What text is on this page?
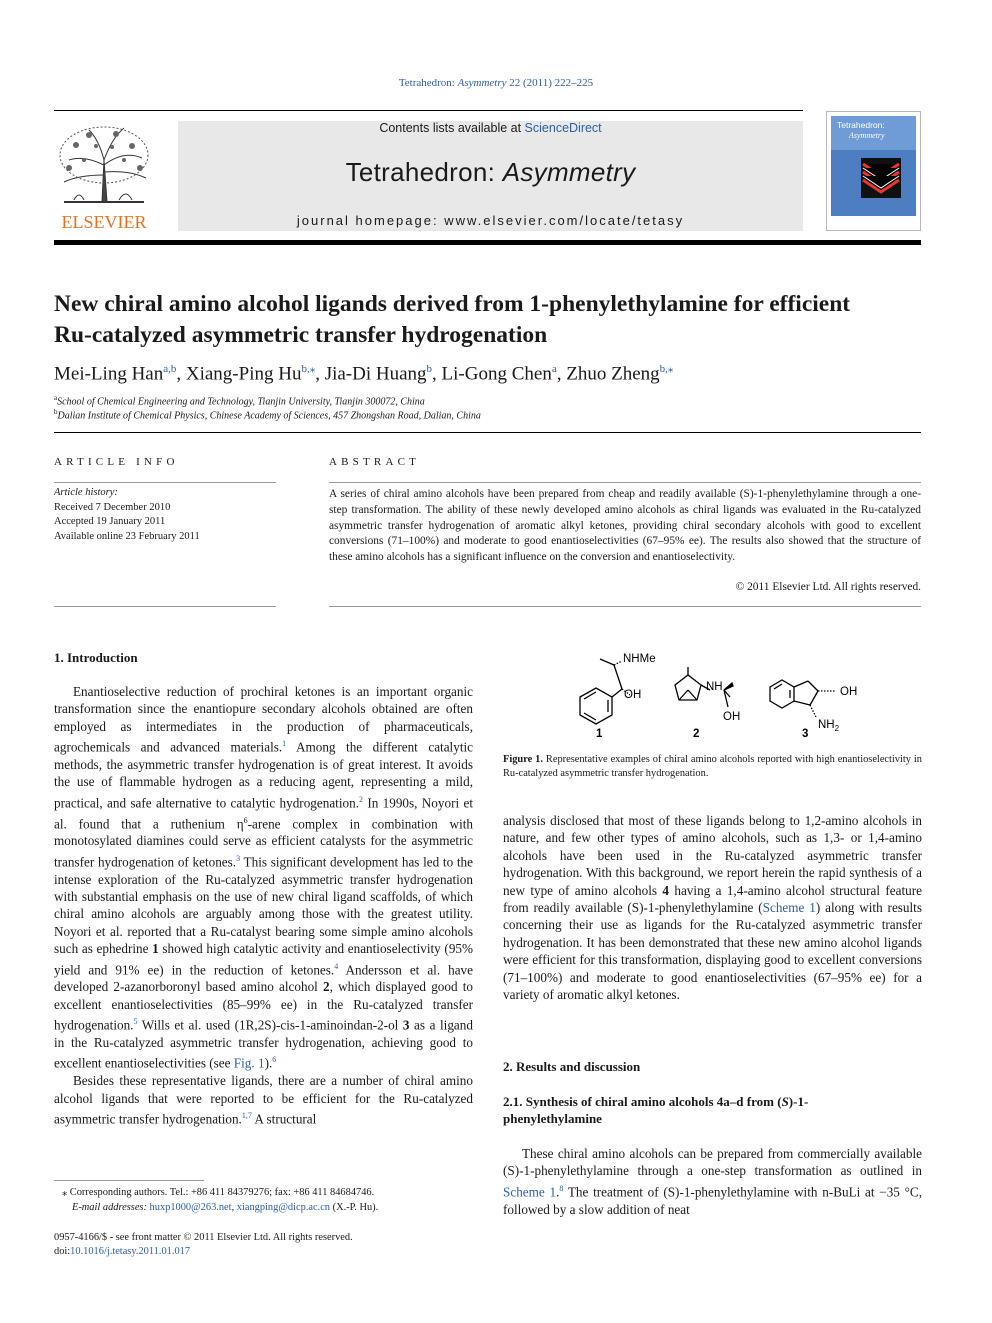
Tetrahedron: Asymmetry 22 (2011) 222–225
ELSEVIER
Contents lists available at ScienceDirect
Tetrahedron: Asymmetry
journal homepage: www.elsevier.com/locate/tetasy
Tetrahedron:
Asymmetry
New chiral amino alcohol ligands derived from 1-phenylethylamine for efficient
Ru-catalyzed asymmetric transfer hydrogenation
Mei-Ling Han$^{a,b}$, Xiang-Ping $Hu^{b,⁎}$, Jia-Di Huang$^b$, Li-Gong Chen$^a$, Zhuo Zheng$^{b,⁎}$
$^a$School of Chemical Engineering and Technology, Tianjin University, Tianjin 300072, China
$^b$Dalian Institute of Chemical Physics, Chinese Academy of Sciences, 457 Zhongshan Road, Dalian, China
ARTICLE INFO
Article history:
Received 7 December 2010
Accepted 19 January 2011
Available online 23 February 2011
ABSTRACT
A series of chiral amino alcohols have been prepared from cheap and readily available (S)-1-phenylethylamine through a one-step transformation. The ability of these newly developed amino alcohols as chiral ligands was evaluated in the Ru-catalyzed asymmetric transfer hydrogenation of aromatic alkyl ketones, providing chiral secondary alcohols with good to excellent conversions (71–100%) and moderate to good enantioselectivities (67–95% ee). The results also showed that the structure of these amino alcohols has a significant influence on the conversion and enantioselectivity.
© 2011 Elsevier Ltd. All rights reserved.
1. Introduction

Enantioselective reduction of prochiral ketones is an important organic transformation since the enantiopure secondary alcohols obtained are often employed as intermediates in the production of pharmaceuticals, agrochemicals and advanced materials.$^1$ Among the different catalytic methods, the asymmetric transfer hydrogenation is of great interest. It avoids the use of flammable hydrogen as a reducing agent, representing a mild, practical, and safe alternative to catalytic hydrogenation.$^2$ In 1990s, Noyori et al. found that a ruthenium $\eta^6$-arene complex in combination with monotosylated diamines could serve as efficient catalysts for the asymmetric transfer hydrogenation of ketones.$^3$ This significant development has led to the intense exploration of the Ru-catalyzed asymmetric transfer hydrogenation with substantial emphasis on the use of new chiral ligand scaffolds, of which chiral amino alcohols are arguably among those with the greatest utility. Noyori et al. reported that a Ru-catalyst bearing some simple amino alcohols such as ephedrine 1 showed high catalytic activity and enantioselectivity (95% yield and 91% ee) in the reduction of ketones.$^4$ Andersson et al. have developed 2-azanorboronyl based amino alcohol 2, which displayed good to excellent enantioselectivities (85–99% ee) in the Ru-catalyzed transfer hydrogenation.$^5$ Wills et al. used (1R,2S)-cis-1-aminoindan-2-ol 3 as a ligand in the Ru-catalyzed asymmetric transfer hydrogenation, achieving good to excellent enantioselectivities (see Fig. 1).$^6$

Besides these representative ligands, there are a number of chiral amino alcohol ligands that were reported to be efficient for the Ru-catalyzed asymmetric transfer hydrogenation.$^{1,7}$ A structural

NHMe
OH
1
NH
OH
2
OH
$NH_2$
3
Figure 1. Representative examples of chiral amino alcohols reported with high enantioselectivity in Ru-catalyzed asymmetric transfer hydrogenation.

analysis disclosed that most of these ligands belong to 1,2-amino alcohols in nature, and few other types of amino alcohols, such as 1,3- or 1,4-amino alcohols have been used in the Ru-catalyzed asymmetric transfer hydrogenation. With this background, we report herein the rapid synthesis of a new type of amino alcohols 4 having a 1,4-amino alcohol structural feature from readily available (S)-1-phenylethylamine (Scheme 1) along with results concerning their use as ligands for the Ru-catalyzed asymmetric transfer hydrogenation. It has been demonstrated that these new amino alcohol ligands were efficient for this transformation, displaying good to excellent conversions (71–100%) and moderate to good enantioselectivities (67–95% ee) for a variety of aromatic alkyl ketones.

2. Results and discussion
2.1. Synthesis of chiral amino alcohols 4a–d from (S)-1-phenylethylamine

These chiral amino alcohols can be prepared from commercially available (S)-1-phenylethylamine through a one-step transformation as outlined in Scheme 1.$^8$ The treatment of (S)-1-phenylethylamine with n-BuLi at −35 °C, followed by a slow addition of neat

⁎ Corresponding authors. Tel.: +86 411 84379276; fax: +86 411 84684746.
E-mail addresses: huxp1000@263.net, xiangping@dicp.ac.cn (X.-P. Hu).
0957-4166/$ - see front matter © 2011 Elsevier Ltd. All rights reserved.
doi:10.1016/j.tetasy.2011.01.017
